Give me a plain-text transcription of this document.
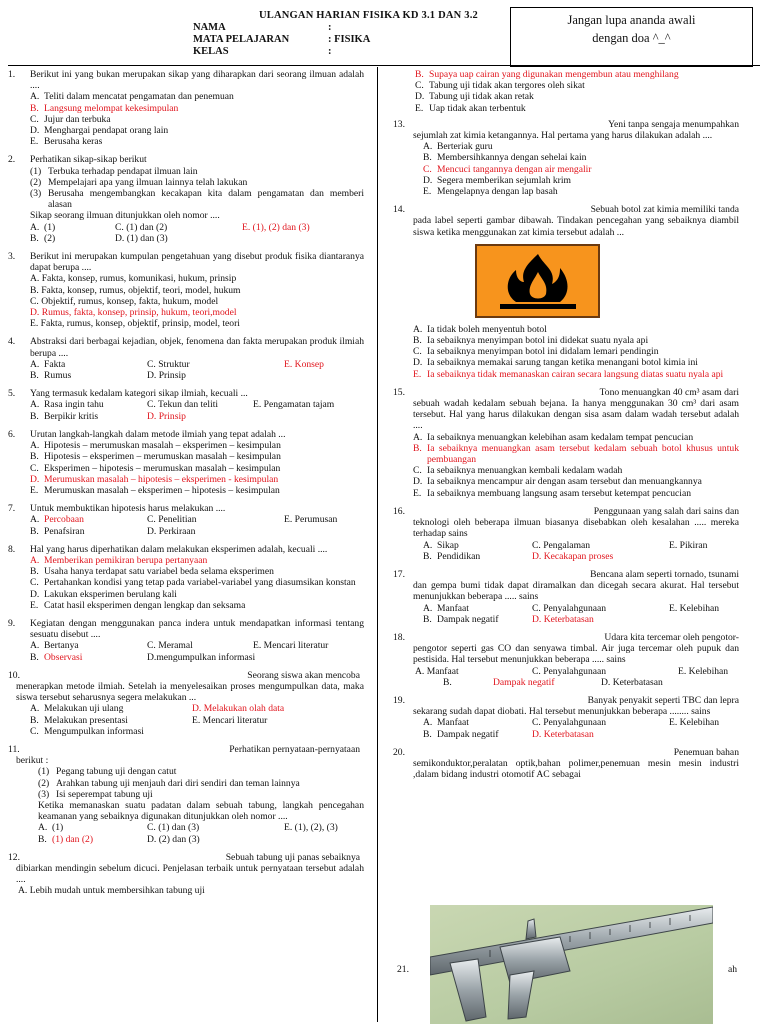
ULANGAN HARIAN FISIKA KD 3.1 DAN 3.2
NAMA	:
MATA PELAJARAN	: FISIKA
KELAS	:
Jangan lupa ananda awali
dengan doa ^_^
1.	Berikut ini yang bukan merupakan sikap yang diharapkan dari seorang ilmuan adalah ....
A. Teliti dalam mencatat pengamatan dan penemuan
B. Langsung melompat kekesimpulan
C. Jujur dan terbuka
D. Menghargai pendapat orang lain
E. Berusaha keras
2.	Perhatikan sikap-sikap berikut
(1) Terbuka terhadap pendapat ilmuan lain
(2) Mempelajari apa yang ilmuan lainnya telah lakukan
(3) Berusaha mengembangkan kecakapan kita dalam pengamatan dan memberi alasan
Sikap seorang ilmuan ditunjukkan oleh nomor ....
A. (1)	C. (1) dan (2)	E. (1), (2) dan (3)
B. (2)	D. (1) dan (3)
3.	Berikut ini merupakan kumpulan pengetahuan yang disebut produk fisika diantaranya dapat berupa ....
A. Fakta, konsep, rumus, komunikasi, hukum, prinsip
B. Fakta, konsep, rumus, objektif, teori, model, hukum
C. Objektif, rumus, konsep, fakta, hukum, model
D. Rumus, fakta, konsep, prinsip, hukum, teori,model
E. Fakta, rumus, konsep, objektif, prinsip, model, teori
4.	Abstraksi dari berbagai kejadian, objek, fenomena dan fakta merupakan produk ilmiah berupa ....
A. Fakta	C. Struktur	E. Konsep
B. Rumus	D. Prinsip
5.	Yang termasuk kedalam kategori sikap ilmiah, kecuali ...
A. Rasa ingin tahu	C. Tekun dan teliti	E. Pengamatan tajam
B. Berpikir kritis	D. Prinsip
6.	Urutan langkah-langkah dalam metode ilmiah yang tepat adalah ...
A. Hipotesis – merumuskan masalah – eksperimen – kesimpulan
B. Hipotesis – eksperimen – merumuskan masalah – kesimpulan
C. Eksperimen – hipotesis – merumuskan masalah – kesimpulan
D. Merumuskan masalah – hipotesis – eksperimen - kesimpulan
E. Merumuskan masalah – eksperimen – hipotesis – kesimpulan
7.	Untuk membuktikan hipotesis harus melakukan ....
A. Percobaan	C. Penelitian	E. Perumusan
B. Penafsiran	D. Perkiraan
8.	Hal yang harus diperhatikan dalam melakukan eksperimen adalah, kecuali ....
A. Memberikan pemikiran berupa pertanyaan
B. Usaha hanya terdapat satu variabel beda selama eksperimen
C. Pertahankan kondisi yang tetap pada variabel-variabel yang diasumsikan konstan
D. Lakukan eksperimen berulang kali
E. Catat hasil eksperimen dengan lengkap dan seksama
9.	Kegiatan dengan menggunakan panca indera untuk mendapatkan informasi tentang sesuatu disebut ....
A. Bertanya	C. Meramal	E. Mencari literatur
B. Observasi	D.mengumpulkan informasi
10.	Seorang siswa akan mencoba
menerapkan metode ilmiah. Setelah ia menyelesaikan proses mengumpulkan data, maka siswa tersebut seharusnya segera melakukan ...
A. Melakukan uji ulang	D. Melakukan olah data
B. Melakukan presentasi	E. Mencari literatur
C. Mengumpulkan informasi
11.	Perhatikan pernyataan-pernyataan
berikut :
(1) Pegang tabung uji dengan catut
(2) Arahkan tabung uji menjauh dari diri sendiri dan teman lainnya
(3) Isi seperempat tabung uji
Ketika memanaskan suatu padatan dalam sebuah tabung, langkah pencegahan keamanan yang sebaiknya digunakan ditunjukkan oleh nomor ....
A. (1)	C. (1) dan (3)	E. (1), (2), (3)
B. (1) dan (2)	D. (2) dan (3)
12.	Sebuah tabung uji panas sebaiknya
dibiarkan mendingin sebelum dicuci. Penjelasan terbaik untuk pernyataan tersebut adalah ....
A. Lebih mudah untuk membersihkan tabung uji
B. Supaya uap cairan yang digunakan mengembun atau menghilang
C. Tabung uji tidak akan tergores oleh sikat
D. Tabung uji tidak akan retak
E. Uap tidak akan terbentuk
13.	Yeni tanpa sengaja menumpahkan
sejumlah zat kimia ketangannya. Hal pertama yang harus dilakukan adalah ....
A. Berteriak guru
B. Membersihkannya dengan sehelai kain
C. Mencuci tangannya dengan air mengalir
D. Segera memberikan sejumlah krim
E. Mengelapnya dengan lap basah
14.	Sebuah botol zat kimia memiliki tanda
pada label seperti gambar dibawah. Tindakan pencegahan yang sebaiknya diambil siswa ketika menggunakan zat kimia tersebut adalah ...
A. Ia tidak boleh menyentuh botol
B. Ia sebaiknya menyimpan botol ini didekat suatu nyala api
C. Ia sebaiknya menyimpan botol ini didalam lemari pendingin
D. Ia sebaiknya memakai sarung tangan ketika menangani botol kimia ini
E. Ia sebaiknya tidak memanaskan cairan secara langsung diatas suatu nyala api
15.	Tono menuangkan 40 cm³ asam dari
sebuah wadah kedalam sebuah bejana. Ia hanya menggunakan 30 cm³ dari asam tersebut. Hal yang harus dilakukan dengan sisa asam dalam wadah tersebut adalah ....
A. Ia sebaiknya menuangkan kelebihan asam kedalam tempat pencucian
B. Ia sebaiknya menuangkan asam tersebut kedalam sebuah botol khusus untuk pembuangan
C. Ia sebaiknya menuangkan kembali kedalam wadah
D. Ia sebaiknya mencampur air dengan asam tersebut dan menuangkannya
E. Ia sebaiknya membuang langsung asam tersebut ketempat pencucian
16.	Penggunaan yang salah dari sains dan
teknologi oleh beberapa ilmuan biasanya disebabkan oleh kesalahan ..... mereka terhadap sains
A. Sikap	C. Pengalaman	E. Pikiran
B. Pendidikan	D. Kecakapan proses
17.	Bencana alam seperti tornado, tsunami
dan gempa bumi tidak dapat diramalkan dan dicegah secara akurat. Hal tersebut menunjukkan beberapa ..... sains
A. Manfaat	C. Penyalahgunaan	E. Kelebihan
B. Dampak negatif	D. Keterbatasan
18.	Udara kita tercemar oleh pengotor-
pengotor seperti gas CO dan senyawa timbal. Air juga tercemar oleh pupuk dan pestisida. Hal tersebut menunjukkan beberapa ..... sains
A. Manfaat	C. Penyalahgunaan	E. Kelebihan
B.	Dampak negatif	D. Keterbatasan
19.	Banyak penyakit seperti TBC dan lepra
sekarang sudah dapat diobati. Hal tersebut menunjukkan beberapa ........ sains
A. Manfaat	C. Penyalahgunaan	E. Kelebihan
B. Dampak negatif	D. Keterbatasan
20.	Penemuan bahan
semikonduktor,peralatan optik,bahan polimer,penemuan mesin mesin industri ,dalam bidang industri otomotif AC sebagai
21.	ah
